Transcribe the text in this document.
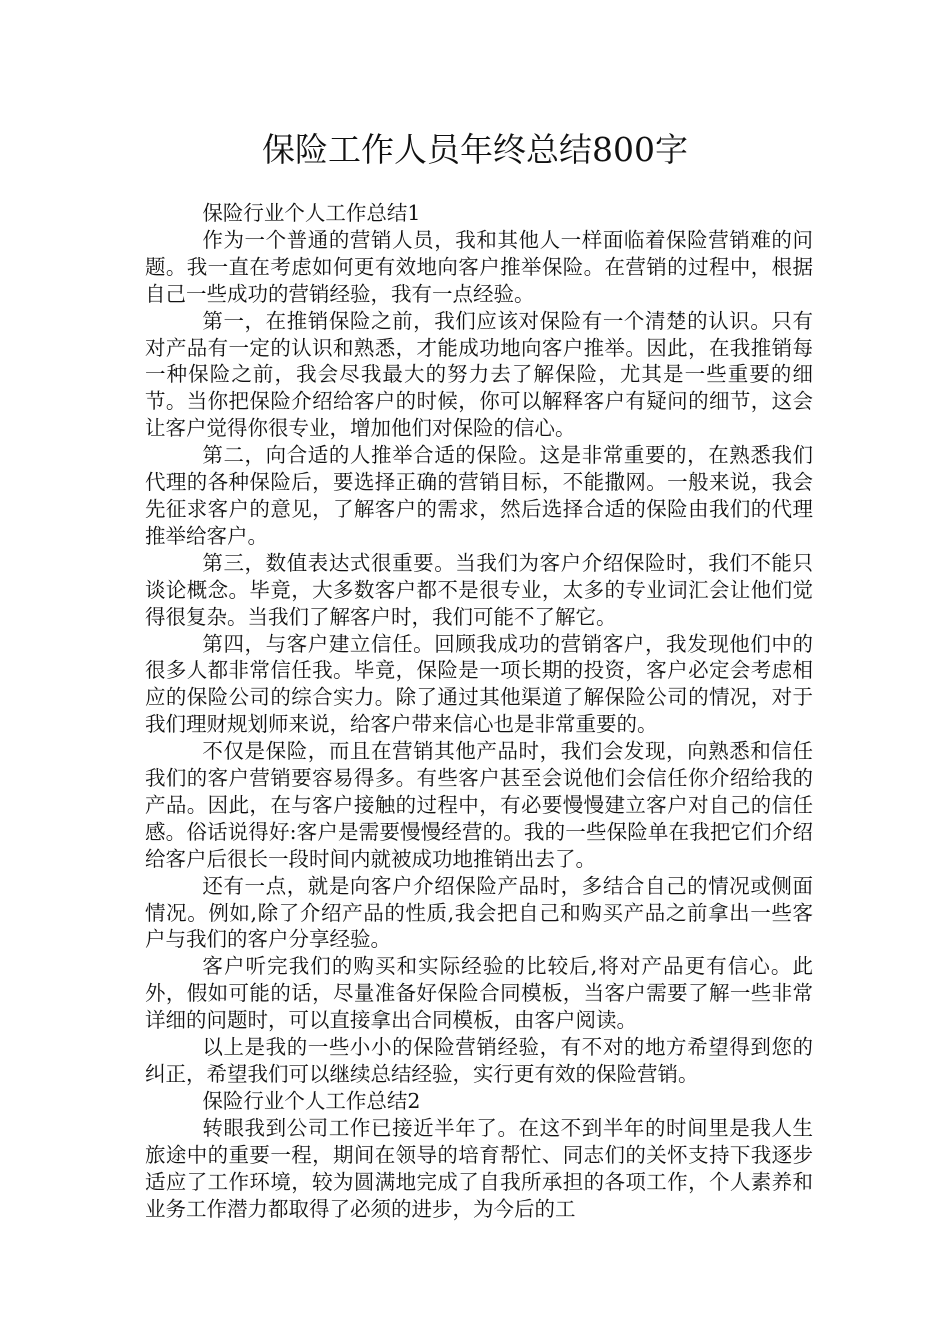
保险工作人员年终总结800字

保险行业个人工作总结1

作为一个普通的营销人员，我和其他人一样面临着保险营销难的问题。我一直在考虑如何更有效地向客户推举保险。在营销的过程中，根据自己一些成功的营销经验，我有一点经验。

第一，在推销保险之前，我们应该对保险有一个清楚的认识。只有对产品有一定的认识和熟悉，才能成功地向客户推举。因此，在我推销每一种保险之前，我会尽我最大的努力去了解保险，尤其是一些重要的细节。当你把保险介绍给客户的时候，你可以解释客户有疑问的细节，这会让客户觉得你很专业，增加他们对保险的信心。

第二，向合适的人推举合适的保险。这是非常重要的，在熟悉我们代理的各种保险后，要选择正确的营销目标，不能撒网。一般来说，我会先征求客户的意见，了解客户的需求，然后选择合适的保险由我们的代理推举给客户。

第三，数值表达式很重要。当我们为客户介绍保险时，我们不能只谈论概念。毕竟，大多数客户都不是很专业，太多的专业词汇会让他们觉得很复杂。当我们了解客户时，我们可能不了解它。

第四，与客户建立信任。回顾我成功的营销客户，我发现他们中的很多人都非常信任我。毕竟，保险是一项长期的投资，客户必定会考虑相应的保险公司的综合实力。除了通过其他渠道了解保险公司的情况，对于我们理财规划师来说，给客户带来信心也是非常重要的。

不仅是保险，而且在营销其他产品时，我们会发现，向熟悉和信任我们的客户营销要容易得多。有些客户甚至会说他们会信任你介绍给我的产品。因此，在与客户接触的过程中，有必要慢慢建立客户对自己的信任感。俗话说得好:客户是需要慢慢经营的。我的一些保险单在我把它们介绍给客户后很长一段时间内就被成功地推销出去了。

还有一点，就是向客户介绍保险产品时，多结合自己的情况或侧面情况。例如,除了介绍产品的性质,我会把自己和购买产品之前拿出一些客户与我们的客户分享经验。

客户听完我们的购买和实际经验的比较后,将对产品更有信心。此外，假如可能的话，尽量准备好保险合同模板，当客户需要了解一些非常详细的问题时，可以直接拿出合同模板，由客户阅读。

以上是我的一些小小的保险营销经验，有不对的地方希望得到您的纠正，希望我们可以继续总结经验，实行更有效的保险营销。

保险行业个人工作总结2

转眼我到公司工作已接近半年了。在这不到半年的时间里是我人生旅途中的重要一程，期间在领导的培育帮忙、同志们的关怀支持下我逐步适应了工作环境，较为圆满地完成了自我所承担的各项工作，个人素养和业务工作潜力都取得了必须的进步，为今后的工
